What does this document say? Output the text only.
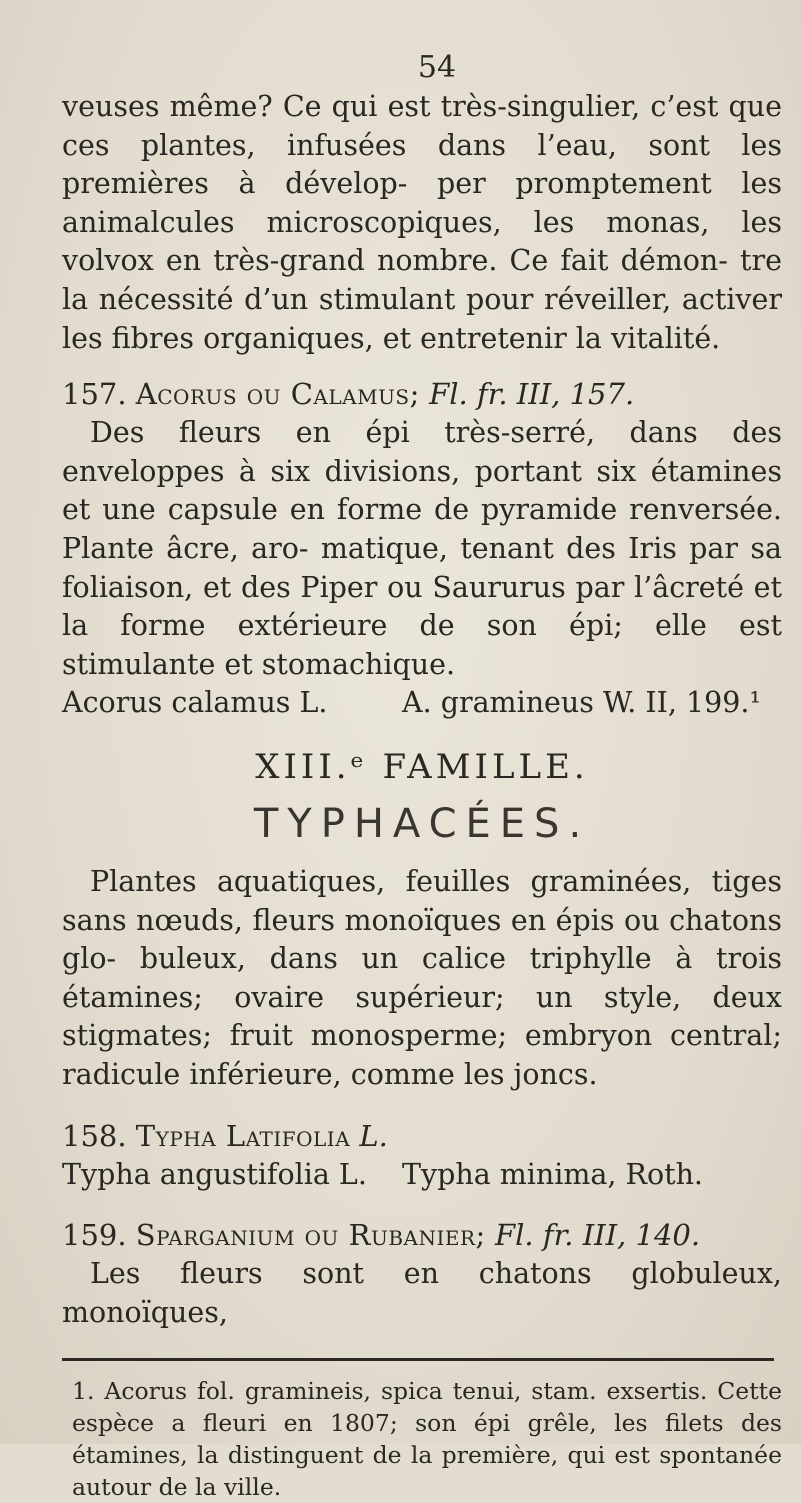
54

veuses même? Ce qui est très-singulier, c’est que ces plantes, infusées dans l’eau, sont les premières à dévelop- per promptement les animalcules microscopiques, les monas, les volvox en très-grand nombre. Ce fait démon- tre la nécessité d’un stimulant pour réveiller, activer les fibres organiques, et entretenir la vitalité.

157. Acorus ou Calamus; Fl. fr. III, 157.

Des fleurs en épi très-serré, dans des enveloppes à six divisions, portant six étamines et une capsule en forme de pyramide renversée. Plante âcre, aro- matique, tenant des Iris par sa foliaison, et des Piper ou Saururus par l’âcreté et la forme extérieure de son épi; elle est stimulante et stomachique.

Acorus calamus L.	A. gramineus W. II, 199.¹
XIII.ᵉ FAMILLE.
TYPHACÉES.

Plantes aquatiques, feuilles graminées, tiges sans nœuds, fleurs monoïques en épis ou chatons glo- buleux, dans un calice triphylle à trois étamines; ovaire supérieur; un style, deux stigmates; fruit monosperme; embryon central; radicule inférieure, comme les joncs.

158. Typha Latifolia L.

Typha angustifolia L.	Typha minima, Roth.

159. Sparganium ou Rubanier; Fl. fr. III, 140.

Les fleurs sont en chatons globuleux, monoïques,

1. Acorus fol. gramineis, spica tenui, stam. exsertis. Cette espèce a fleuri en 1807; son épi grêle, les filets des étamines, la distinguent de la première, qui est spontanée autour de la ville.
